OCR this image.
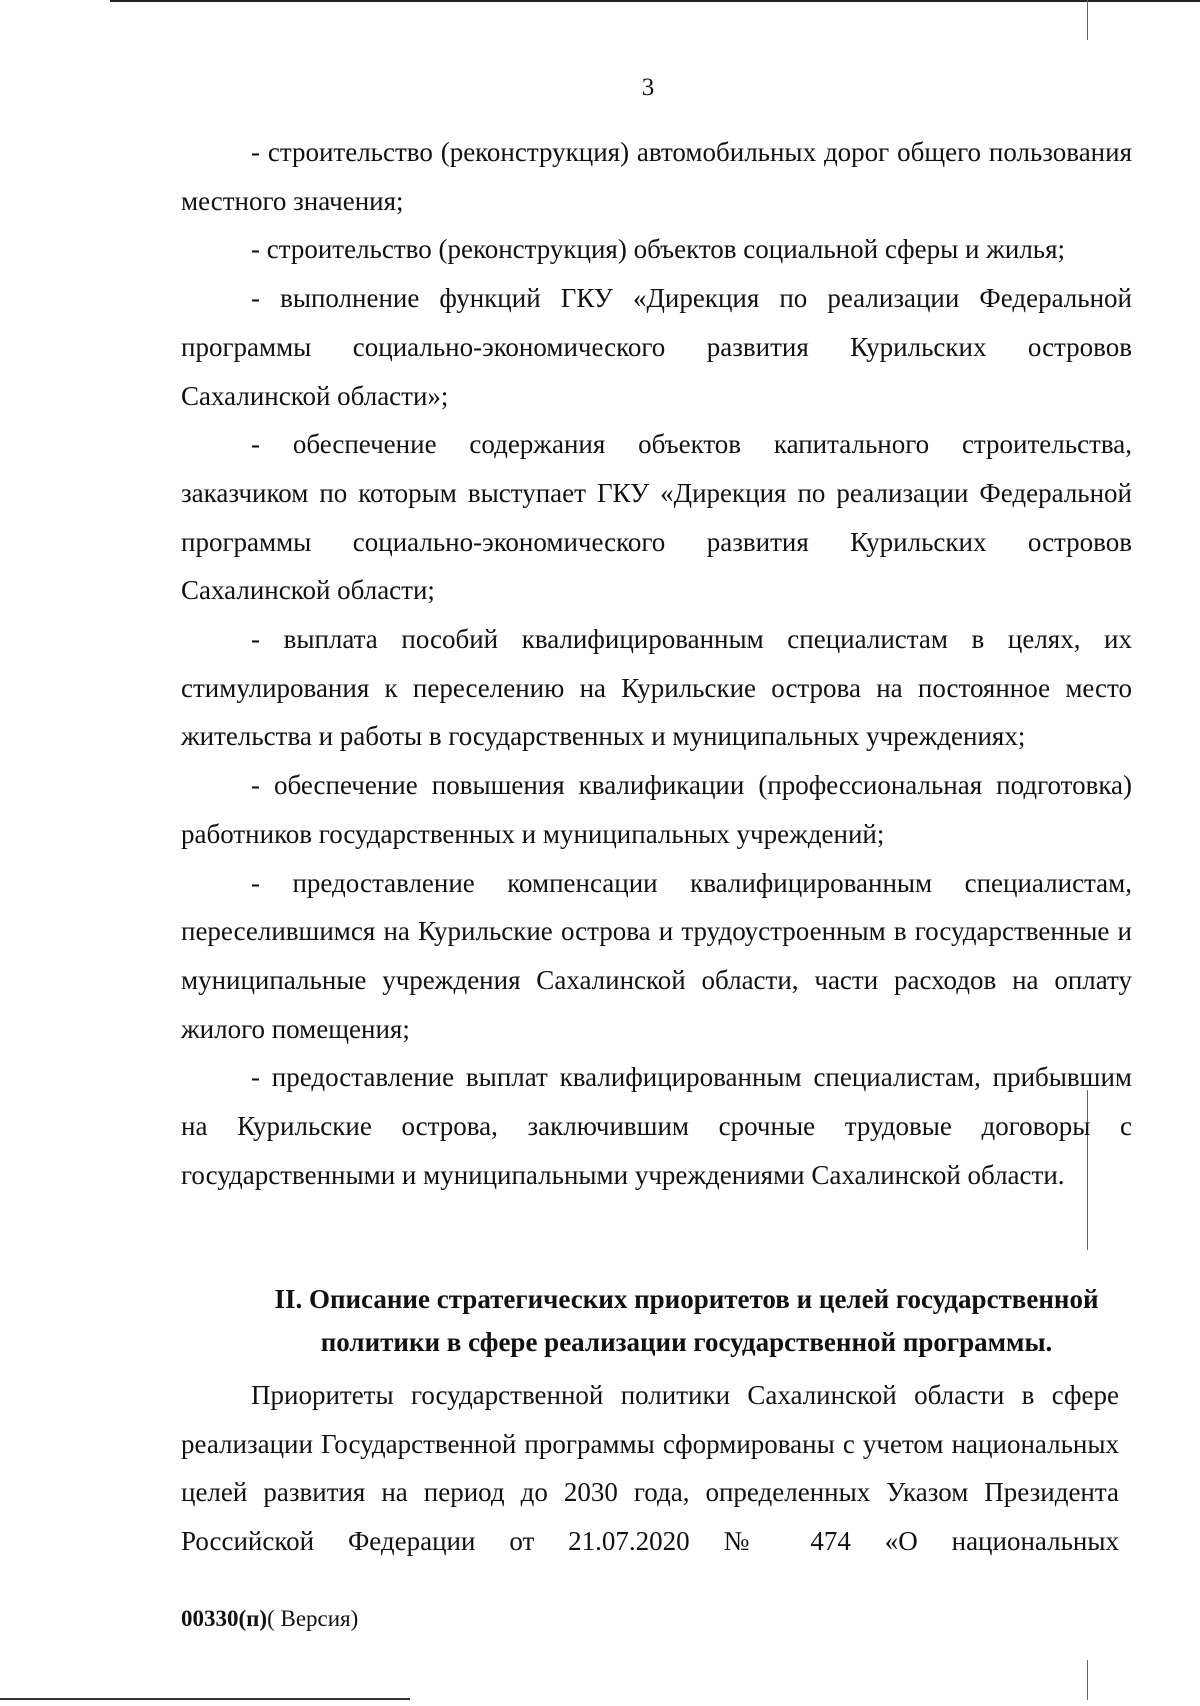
3

- строительство (реконструкция) автомобильных дорог общего пользования местного значения;

- строительство (реконструкция) объектов социальной сферы и жилья;

- выполнение функций ГКУ «Дирекция по реализации Федеральной программы социально-экономического развития Курильских островов Сахалинской области»;

- обеспечение содержания объектов капитального строительства, заказчиком по которым выступает ГКУ «Дирекция по реализации Федеральной программы социально-экономического развития Курильских островов Сахалинской области;

- выплата пособий квалифицированным специалистам в целях, их стимулирования к переселению на Курильские острова на постоянное место жительства и работы в государственных и муниципальных учреждениях;

- обеспечение повышения квалификации (профессиональная подготовка) работников государственных и муниципальных учреждений;

- предоставление компенсации квалифицированным специалистам, переселившимся на Курильские острова и трудоустроенным в государственные и муниципальные учреждения Сахалинской области, части расходов на оплату жилого помещения;

- предоставление выплат квалифицированным специалистам, прибывшим на Курильские острова, заключившим срочные трудовые договоры с государственными и муниципальными учреждениями Сахалинской области.

II. Описание стратегических приоритетов и целей государственной
политики в сфере реализации государственной программы.

Приоритеты государственной политики Сахалинской области в сфере реализации Государственной программы сформированы с учетом национальных целей развития на период до 2030 года, определенных Указом Президента Российской Федерации от 21.07.2020 № 474 «О национальных

00330(п)( Версия)
